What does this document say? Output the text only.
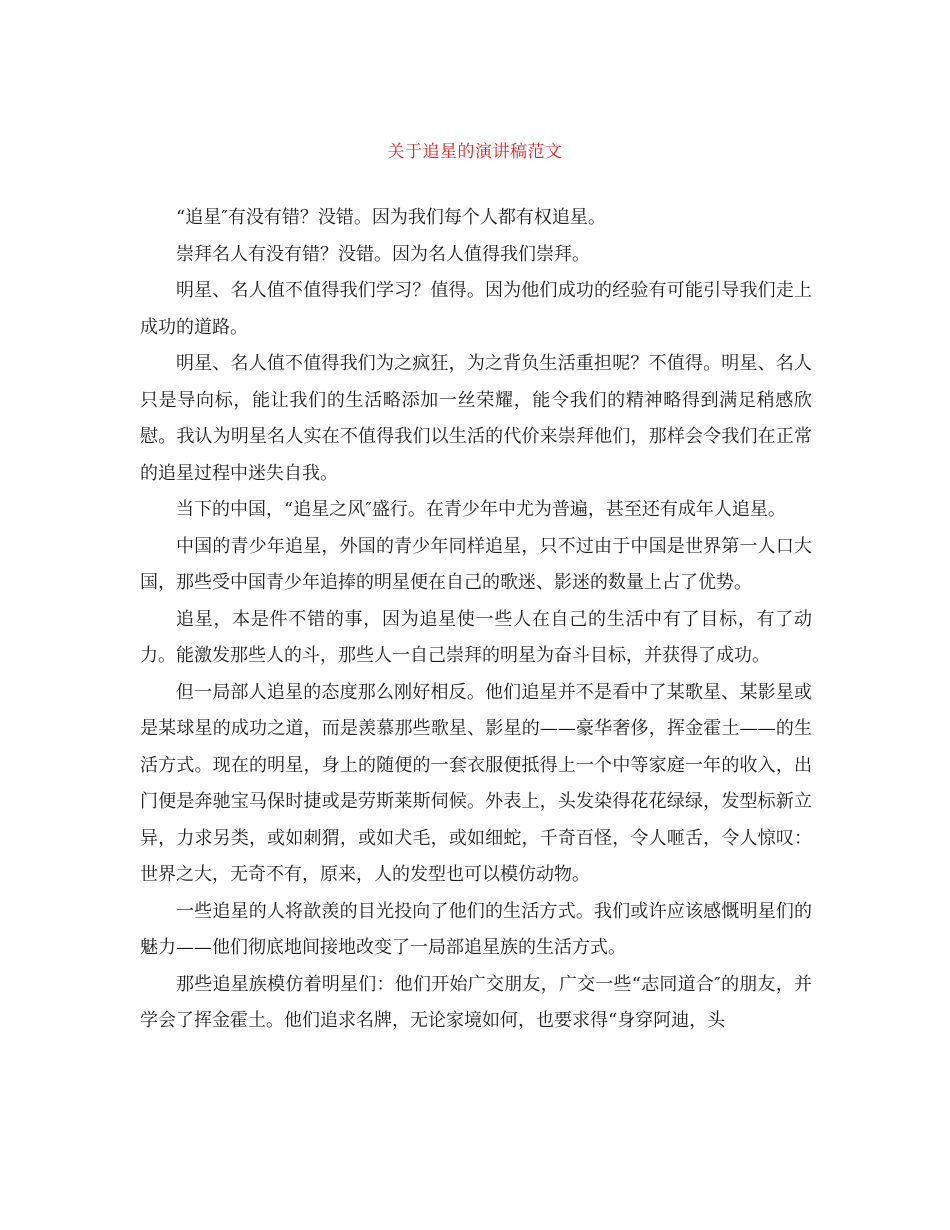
关于追星的演讲稿范文

“追星″有没有错？没错。因为我们每个人都有权追星。

崇拜名人有没有错？没错。因为名人值得我们崇拜。

明星、名人值不值得我们学习？值得。因为他们成功的经验有可能引导我们走上成功的道路。

明星、名人值不值得我们为之疯狂，为之背负生活重担呢？不值得。明星、名人只是导向标，能让我们的生活略添加一丝荣耀，能令我们的精神略得到满足稍感欣慰。我认为明星名人实在不值得我们以生活的代价来崇拜他们，那样会令我们在正常的追星过程中迷失自我。

当下的中国，“追星之风″盛行。在青少年中尤为普遍，甚至还有成年人追星。

中国的青少年追星，外国的青少年同样追星，只不过由于中国是世界第一人口大国，那些受中国青少年追捧的明星便在自己的歌迷、影迷的数量上占了优势。

追星，本是件不错的事，因为追星使一些人在自己的生活中有了目标，有了动力。能激发那些人的斗，那些人一自己崇拜的明星为奋斗目标，并获得了成功。

但一局部人追星的态度那么刚好相反。他们追星并不是看中了某歌星、某影星或是某球星的成功之道，而是羡慕那些歌星、影星的——豪华奢侈，挥金霍土——的生活方式。现在的明星，身上的随便的一套衣服便抵得上一个中等家庭一年的收入，出门便是奔驰宝马保时捷或是劳斯莱斯伺候。外表上，头发染得花花绿绿，发型标新立异，力求另类，或如刺猬，或如犬毛，或如细蛇，千奇百怪，令人咂舌，令人惊叹：世界之大，无奇不有，原来，人的发型也可以模仿动物。

一些追星的人将歆羡的目光投向了他们的生活方式。我们或许应该感慨明星们的魅力——他们彻底地间接地改变了一局部追星族的生活方式。

那些追星族模仿着明星们：他们开始广交朋友，广交一些“志同道合″的朋友，并学会了挥金霍土。他们追求名牌，无论家境如何，也要求得“身穿阿迪，头
